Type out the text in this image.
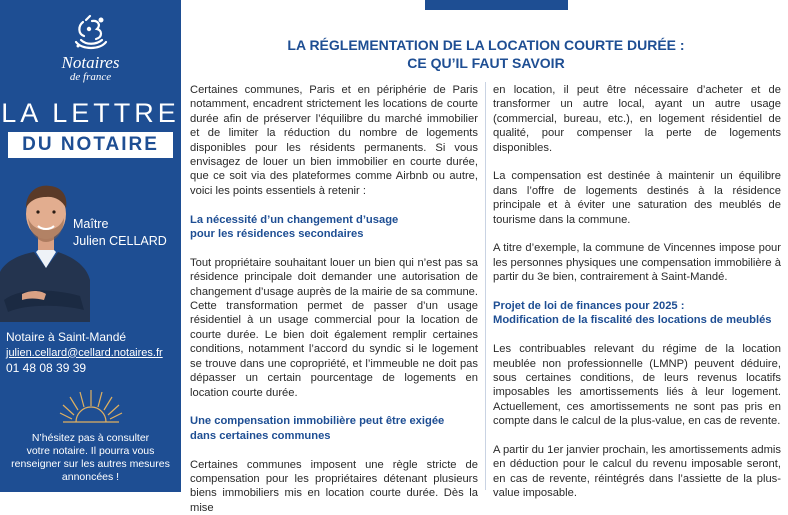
Notaires
de france
LA LETTRE
DU NOTAIRE
Maître
Julien CELLARD
Notaire à Saint-Mandé
julien.cellard@cellard.notaires.fr
01 48 08 39 39
N’hésitez pas à consulter
votre notaire. Il pourra vous
renseigner sur les autres mesures
annoncées !
LA RÉGLEMENTATION DE LA LOCATION COURTE DURÉE :
CE QU’IL FAUT SAVOIR

Certaines communes, Paris et en périphérie de Paris notamment, encadrent strictement les locations de courte durée afin de préserver l’équilibre du marché immobilier et de limiter la réduction du nombre de logements disponibles pour les résidents permanents. Si vous envisagez de louer un bien immobilier en courte durée, que ce soit via des plateformes comme Airbnb ou autre, voici les points essentiels à retenir :

La nécessité d’un changement d’usage
pour les résidences secondaires

Tout propriétaire souhaitant louer un bien qui n’est pas sa résidence principale doit demander une autorisation de changement d’usage auprès de la mairie de sa commune. Cette transformation permet de passer d’un usage résidentiel à un usage commercial pour la location de courte durée. Le bien doit également remplir certaines conditions, notamment l’accord du syndic si le logement se trouve dans une copropriété, et l’immeuble ne doit pas dépasser un certain pourcentage de logements en location courte durée.

Une compensation immobilière peut être exigée
dans certaines communes

Certaines communes imposent une règle stricte de compensation pour les propriétaires détenant plusieurs biens immobiliers mis en location courte durée. Dès la mise

en location, il peut être nécessaire d’acheter et de transformer un autre local, ayant un autre usage (commercial, bureau, etc.), en logement résidentiel de qualité, pour compenser la perte de logements disponibles.

La compensation est destinée à maintenir un équilibre dans l’offre de logements destinés à la résidence principale et à éviter une saturation des meublés de tourisme dans la commune.

A titre d’exemple, la commune de Vincennes impose pour les personnes physiques une compensation immobilière à partir du 3e bien, contrairement à Saint-Mandé.

Projet de loi de finances pour 2025 :
Modification de la fiscalité des locations de meublés

Les contribuables relevant du régime de la location meublée non professionnelle (LMNP) peuvent déduire, sous certaines conditions, de leurs revenus locatifs imposables les amortissements liés à leur logement. Actuellement, ces amortissements ne sont pas pris en compte dans le calcul de la plus-value, en cas de revente.

A partir du 1er janvier prochain, les amortissements admis en déduction pour le calcul du revenu imposable seront, en cas de revente, réintégrés dans l’assiette de la plus-value imposable.
